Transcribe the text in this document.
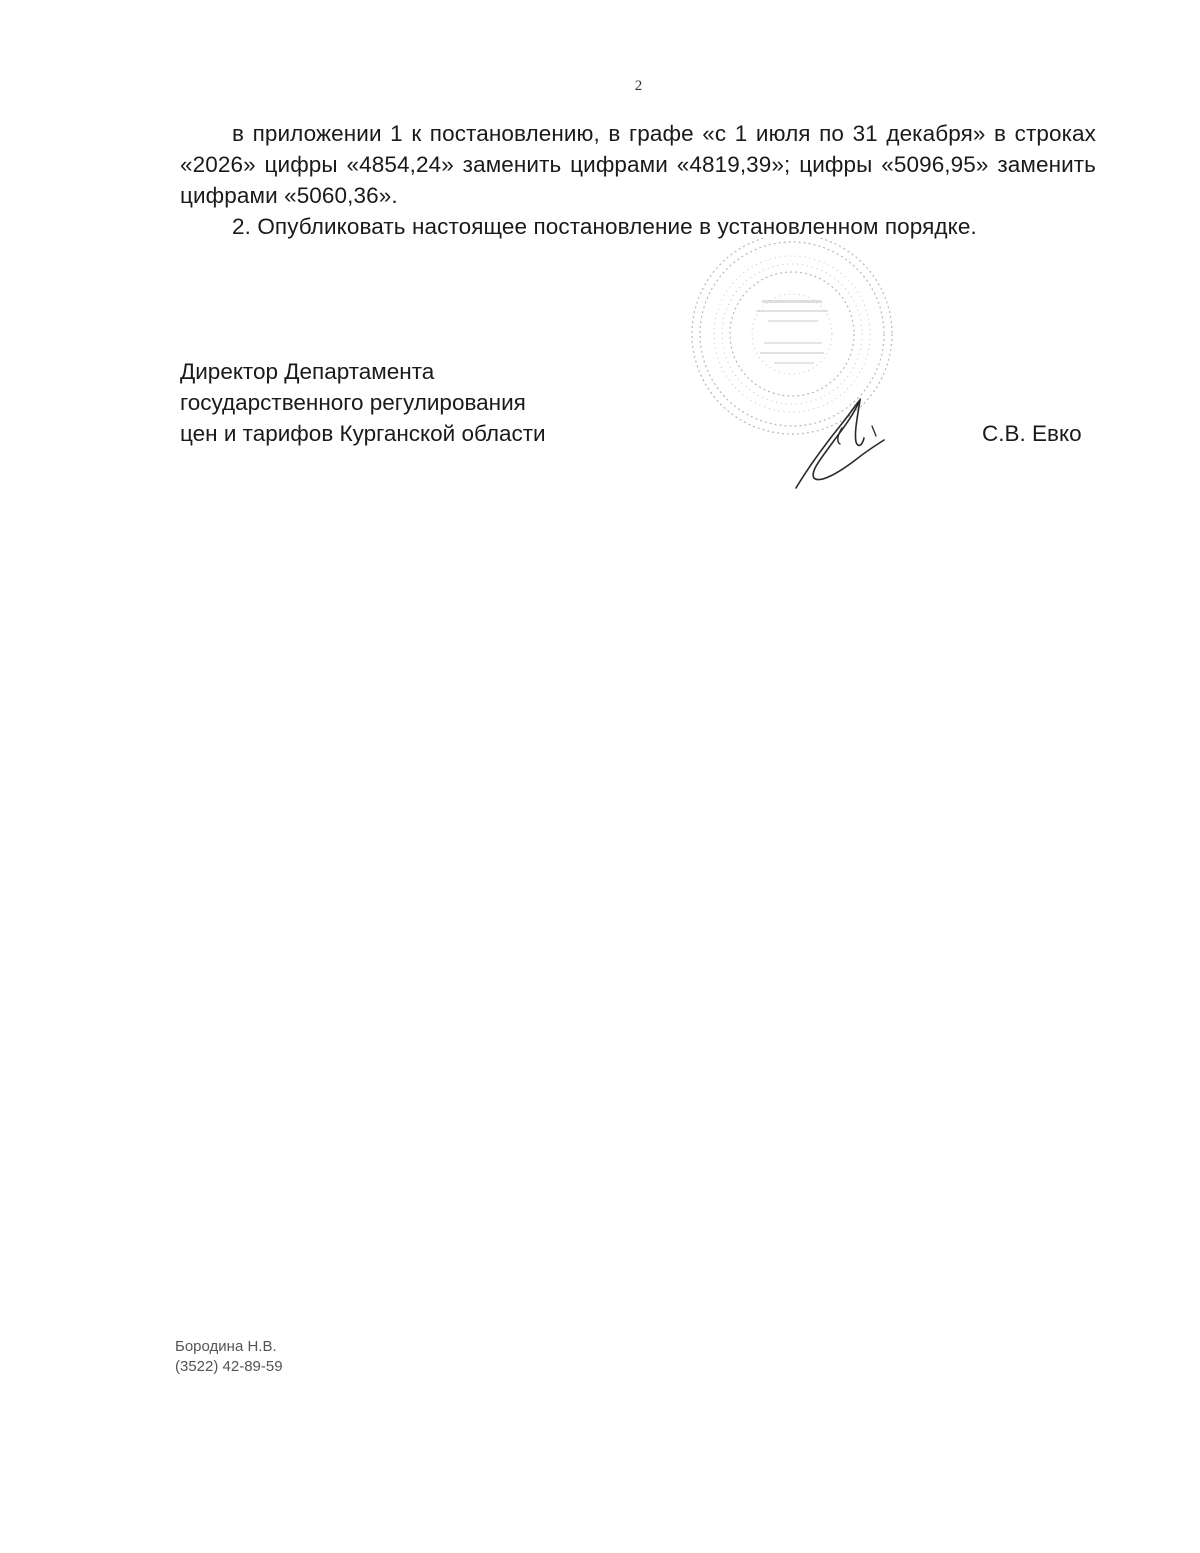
2

в приложении 1 к постановлению, в графе «с 1 июля по 31 декабря» в строках «2026» цифры «4854,24» заменить цифрами «4819,39»; цифры «5096,95» заменить цифрами «5060,36».

2. Опубликовать настоящее постановление в установленном порядке.

Директор Департамента
государственного регулирования
цен и тарифов Курганской области	С.В. Евко
Бородина Н.В.
(3522) 42-89-59
